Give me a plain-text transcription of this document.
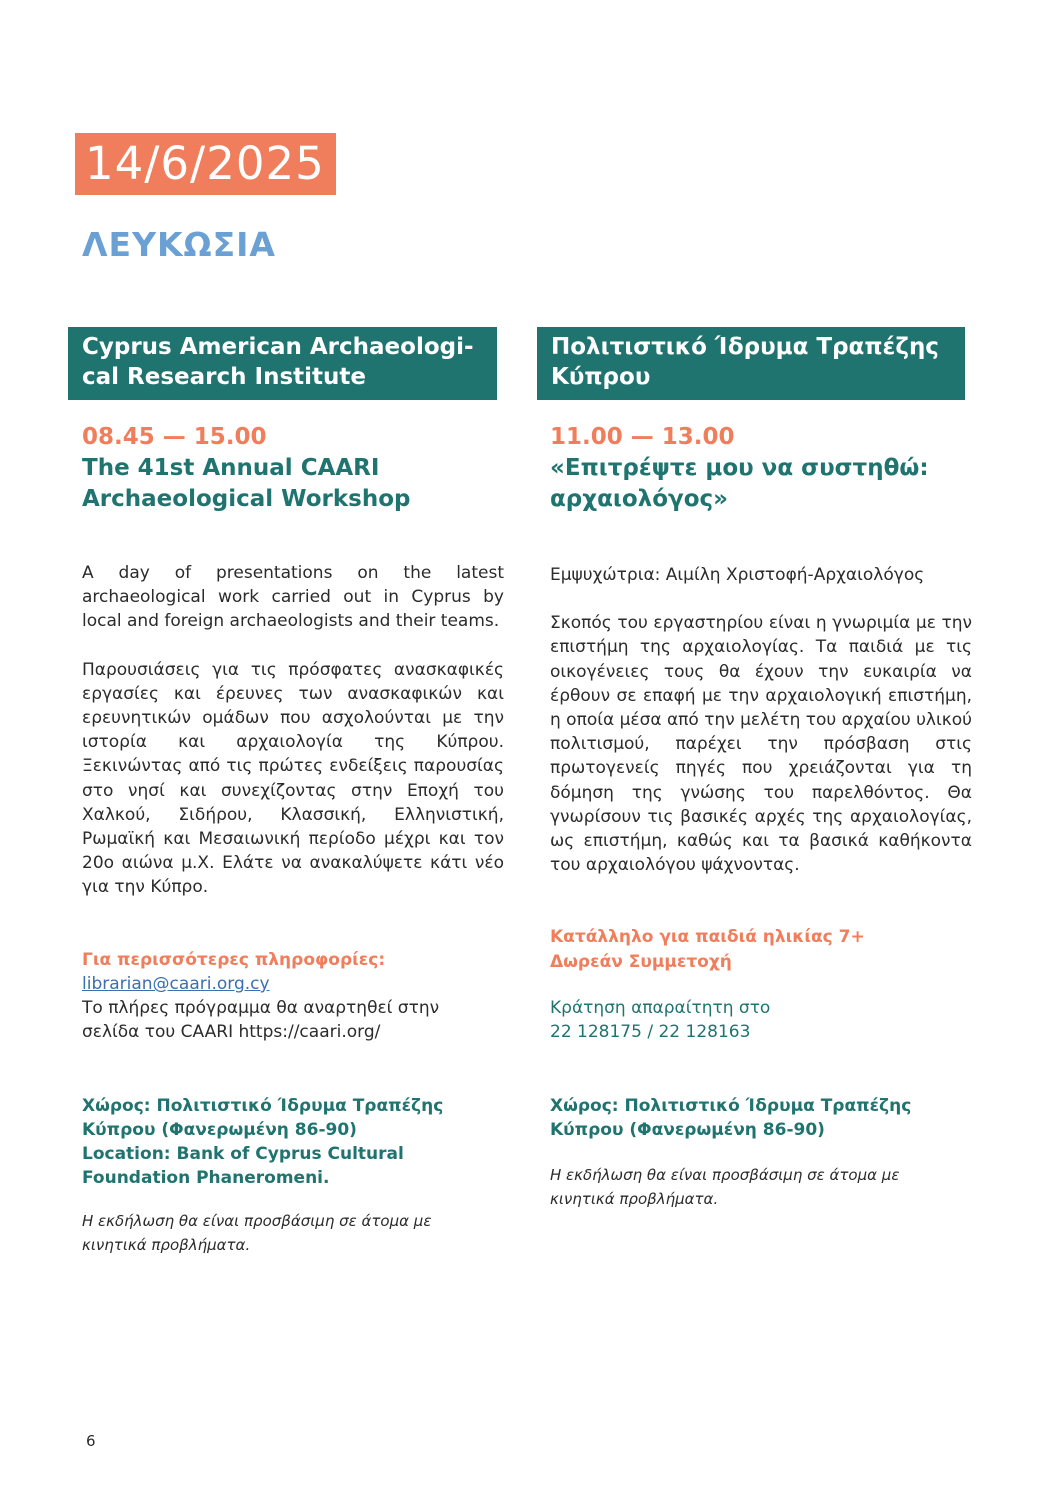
14/6/2025
ΛΕΥΚΩΣΙΑ
Cyprus American Archaeologi-
cal Research Institute
Πολιτιστικό Ίδρυμα Τραπέζης
Κύπρου
08.45 — 15.00
The 41st Annual CAARI
Archaeological Workshop

A day of presentations on the latest archaeological work carried out in Cyprus by local and foreign archaeologists and their teams.

Παρουσιάσεις για τις πρόσφατες ανασκαφικές εργασίες και έρευνες των ανασκαφικών και ερευνητικών ομάδων που ασχολούνται με την ιστορία και αρχαιολογία της Κύπρου. Ξεκινώντας από τις πρώτες ενδείξεις παρουσίας στο νησί και συνεχίζοντας στην Εποχή του Χαλκού, Σιδήρου, Κλασσική, Ελληνιστική, Ρωμαϊκή και Μεσαιωνική περίοδο μέχρι και τον 20ο αιώνα μ.Χ. Ελάτε να ανακαλύψετε κάτι νέο για την Κύπρο.

Για περισσότερες πληροφορίες:
librarian@caari.org.cy
Το πλήρες πρόγραμμα θα αναρτηθεί στην
σελίδα του CAARI https://caari.org/
Χώρος: Πολιτιστικό Ίδρυμα Τραπέζης
Κύπρου (Φανερωμένη 86-90)
Location: Bank of Cyprus Cultural
Foundation Phaneromeni.
Η εκδήλωση θα είναι προσβάσιμη σε άτομα με
κινητικά προβλήματα.
11.00 — 13.00
«Επιτρέψτε μου να συστηθώ:
αρχαιολόγος»

Εμψυχώτρια: Αιμίλη Χριστοφή-Αρχαιολόγος

Σκοπός του εργαστηρίου είναι η γνωριμία με την επιστήμη της αρχαιολογίας. Τα παιδιά με τις οικογένειες τους θα έχουν την ευκαιρία να έρθουν σε επαφή με την αρχαιολογική επιστήμη, η οποία μέσα από την μελέτη του αρχαίου υλικού πολιτισμού, παρέχει την πρόσβαση στις πρωτογενείς πηγές που χρειάζονται για τη δόμηση της γνώσης του παρελθόντος. Θα γνωρίσουν τις βασικές αρχές της αρχαιολογίας, ως επιστήμη, καθώς και τα βασικά καθήκοντα του αρχαιολόγου ψάχνοντας.

Κατάλληλο για παιδιά ηλικίας 7+
Δωρεάν Συμμετοχή
Κράτηση απαραίτητη στο
22 128175 / 22 128163
Χώρος: Πολιτιστικό Ίδρυμα Τραπέζης
Κύπρου (Φανερωμένη 86-90)
Η εκδήλωση θα είναι προσβάσιμη σε άτομα με
κινητικά προβλήματα.
6
